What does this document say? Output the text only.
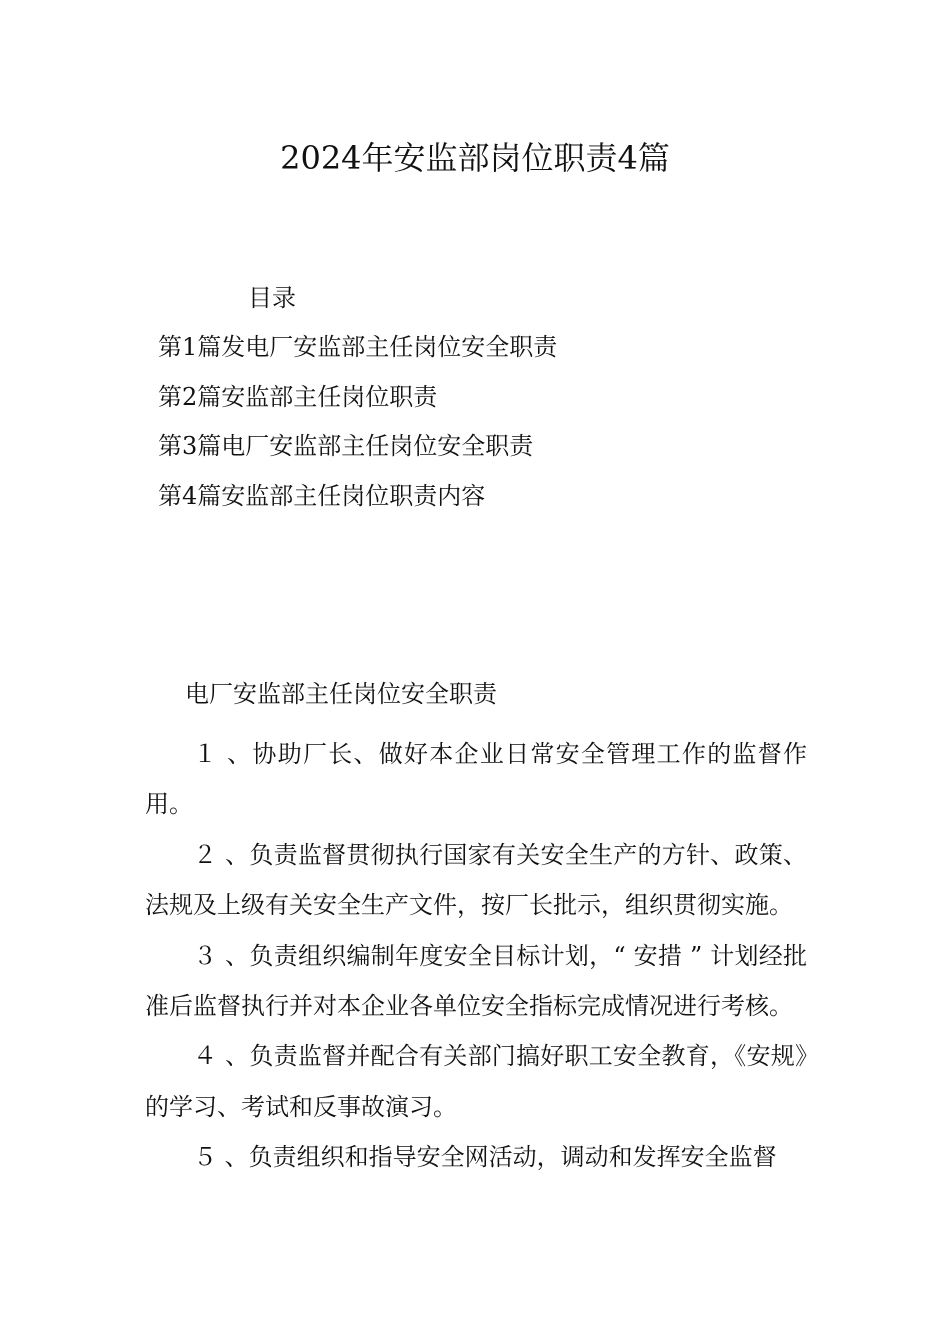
2024年安监部岗位职责4篇
目录
第1篇发电厂安监部主任岗位安全职责
第2篇安监部主任岗位职责
第3篇电厂安监部主任岗位安全职责
第4篇安监部主任岗位职责内容
电厂安监部主任岗位安全职责

１ 、协助厂长、做好本企业日常安全管理工作的监督作用。

２ 、负责监督贯彻执行国家有关安全生产的方针、政策、法规及上级有关安全生产文件，按厂长批示，组织贯彻实施。

３ 、负责组织编制年度安全目标计划，“ 安措 ” 计划经批准后监督执行并对本企业各单位安全指标完成情况进行考核。

４ 、负责监督并配合有关部门搞好职工安全教育，《安规》的学习、考试和反事故演习。

５ 、负责组织和指导安全网活动，调动和发挥安全监督
